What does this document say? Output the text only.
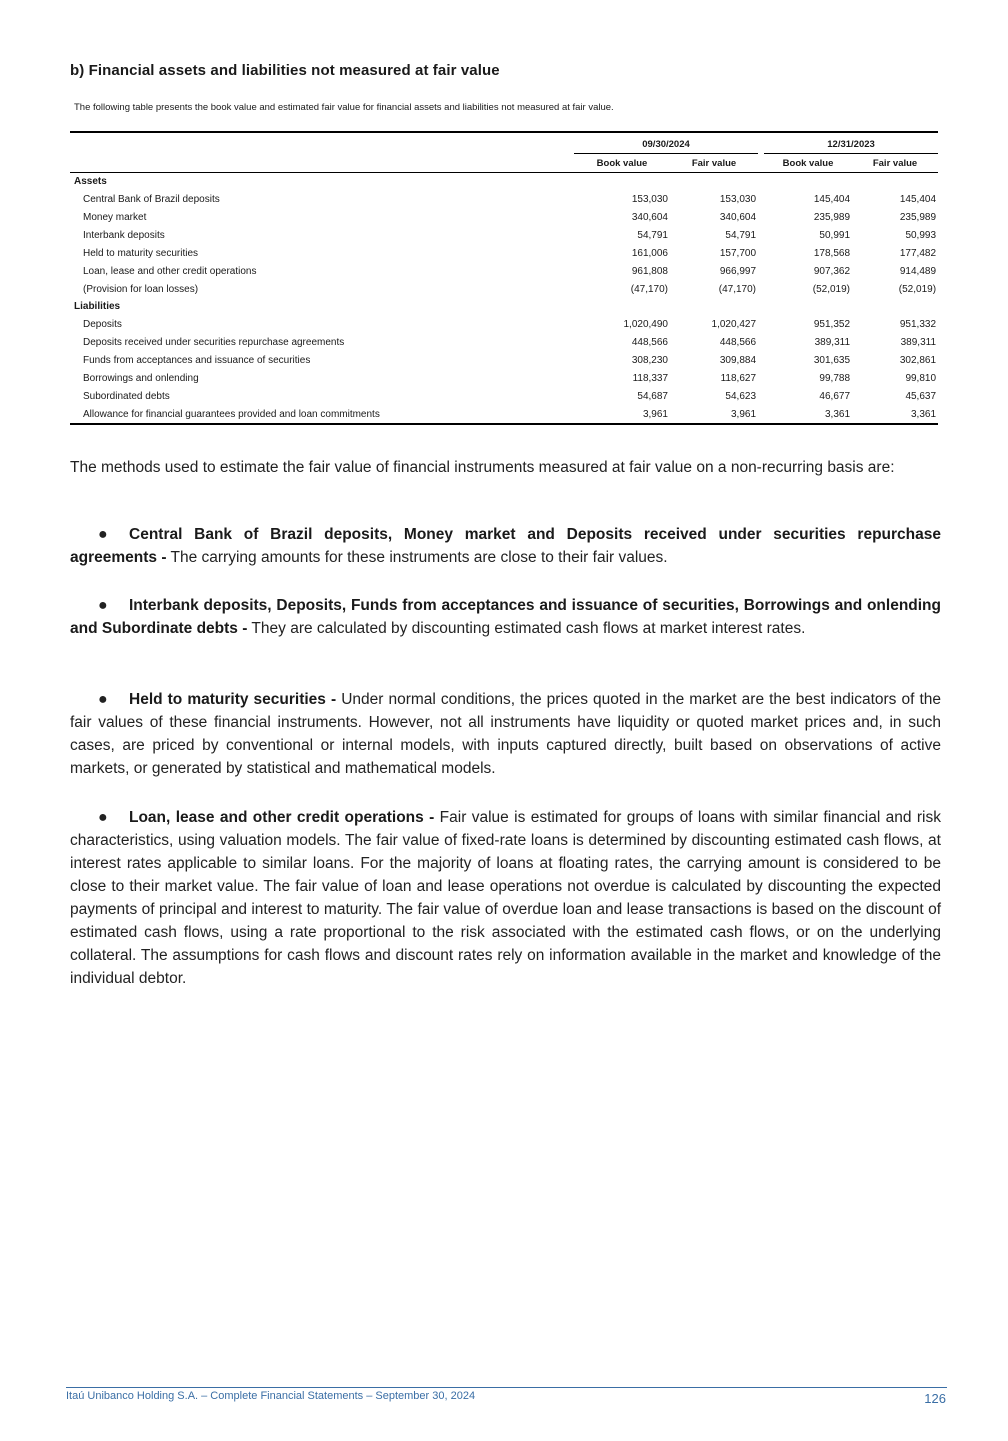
b) Financial assets and liabilities not measured at fair value
The following table presents the book value and estimated fair value for financial assets and liabilities not measured at fair value.
	09/30/2024			12/31/2023	
	Book value	Fair value		Book value	Fair value
Assets					
Central Bank of Brazil deposits	153,030	153,030		145,404	145,404
Money market	340,604	340,604		235,989	235,989
Interbank deposits	54,791	54,791		50,991	50,993
Held to maturity securities	161,006	157,700		178,568	177,482
Loan, lease and other credit operations	961,808	966,997		907,362	914,489
(Provision for loan losses)	(47,170)	(47,170)		(52,019)	(52,019)
Liabilities					
Deposits	1,020,490	1,020,427		951,352	951,332
Deposits received under securities repurchase agreements	448,566	448,566		389,311	389,311
Funds from acceptances and issuance of securities	308,230	309,884		301,635	302,861
Borrowings and onlending	118,337	118,627		99,788	99,810
Subordinated debts	54,687	54,623		46,677	45,637
Allowance for financial guarantees provided and loan commitments	3,961	3,961		3,361	3,361
The methods used to estimate the fair value of financial instruments measured at fair value on a non-recurring basis are:
● Central Bank of Brazil deposits, Money market and Deposits received under securities repurchase agreements - The carrying amounts for these instruments are close to their fair values.
● Interbank deposits, Deposits, Funds from acceptances and issuance of securities, Borrowings and onlending and Subordinate debts - They are calculated by discounting estimated cash flows at market interest rates.
● Held to maturity securities - Under normal conditions, the prices quoted in the market are the best indicators of the fair values of these financial instruments. However, not all instruments have liquidity or quoted market prices and, in such cases, are priced by conventional or internal models, with inputs captured directly, built based on observations of active markets, or generated by statistical and mathematical models.
● Loan, lease and other credit operations - Fair value is estimated for groups of loans with similar financial and risk characteristics, using valuation models. The fair value of fixed-rate loans is determined by discounting estimated cash flows, at interest rates applicable to similar loans. For the majority of loans at floating rates, the carrying amount is considered to be close to their market value. The fair value of loan and lease operations not overdue is calculated by discounting the expected payments of principal and interest to maturity. The fair value of overdue loan and lease transactions is based on the discount of estimated cash flows, using a rate proportional to the risk associated with the estimated cash flows, or on the underlying collateral. The assumptions for cash flows and discount rates rely on information available in the market and knowledge of the individual debtor.
Itaú Unibanco Holding S.A. – Complete Financial Statements – September 30, 2024	126
